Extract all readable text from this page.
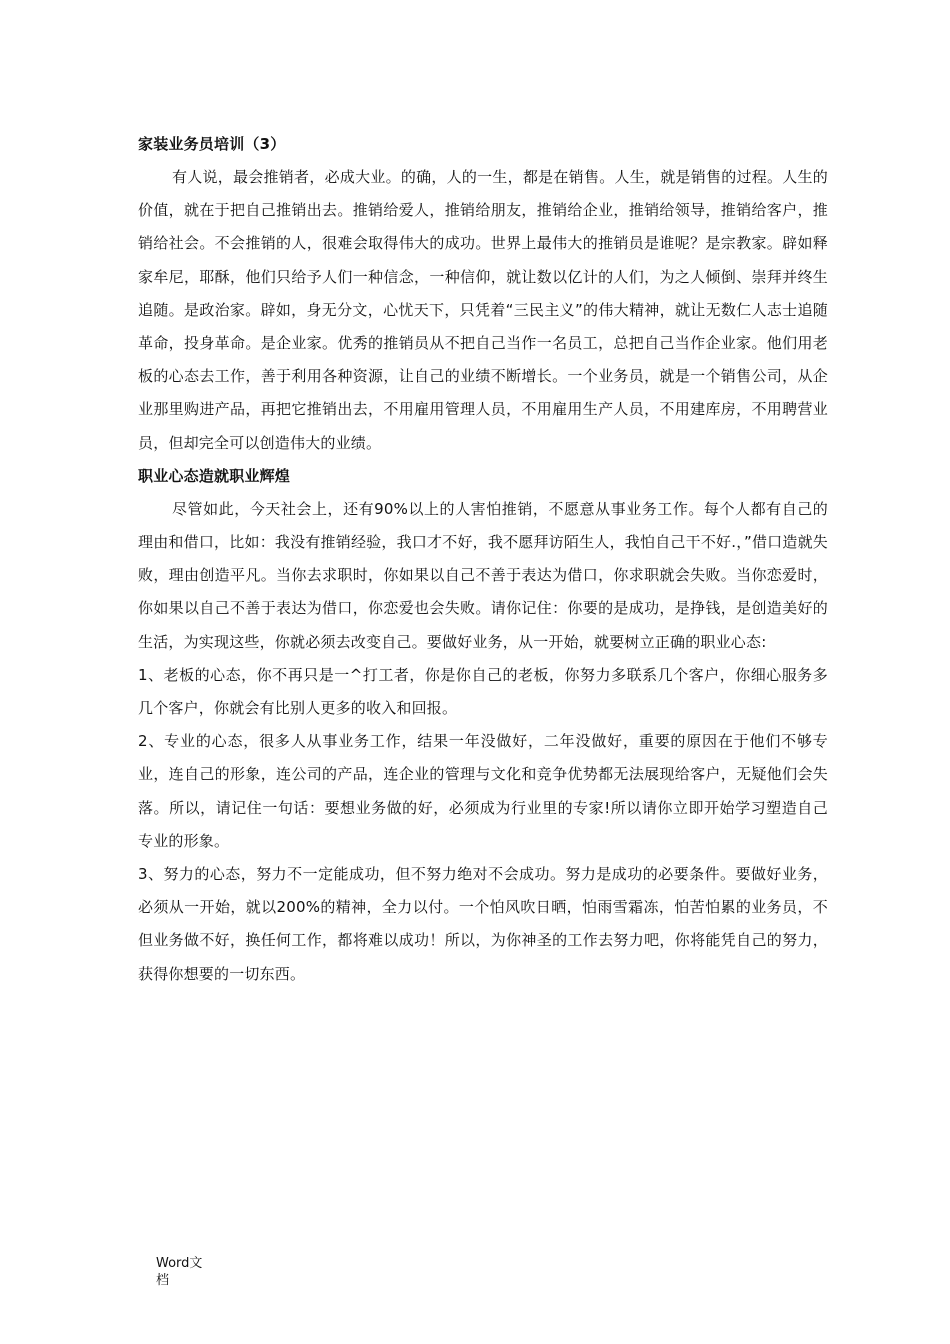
家装业务员培训（3）

有人说，最会推销者，必成大业。的确，人的一生，都是在销售。人生，就是销售的过程。人生的价值，就在于把自己推销出去。推销给爱人，推销给朋友，推销给企业，推销给领导，推销给客户，推销给社会。不会推销的人，很难会取得伟大的成功。世界上最伟大的推销员是谁呢？是宗教家。辟如释家牟尼，耶酥，他们只给予人们一种信念，一种信仰，就让数以亿计的人们，为之人倾倒、崇拜并终生追随。是政治家。辟如，身无分文，心忧天下，只凭着“三民主义”的伟大精神，就让无数仁人志士追随革命，投身革命。是企业家。优秀的推销员从不把自己当作一名员工，总把自己当作企业家。他们用老板的心态去工作，善于利用各种资源，让自己的业绩不断增长。一个业务员，就是一个销售公司，从企业那里购进产品，再把它推销出去，不用雇用管理人员，不用雇用生产人员，不用建库房，不用聘营业员，但却完全可以创造伟大的业绩。

职业心态造就职业辉煌

尽管如此，今天社会上，还有90%以上的人害怕推销，不愿意从事业务工作。每个人都有自己的理由和借口，比如：我没有推销经验，我口才不好，我不愿拜访陌生人，我怕自己干不好.，”借口造就失败，理由创造平凡。当你去求职时，你如果以自己不善于表达为借口，你求职就会失败。当你恋爱时，你如果以自己不善于表达为借口，你恋爱也会失败。请你记住：你要的是成功，是挣钱，是创造美好的生活，为实现这些，你就必须去改变自己。要做好业务，从一开始，就要树立正确的职业心态:

1、老板的心态，你不再只是一^打工者，你是你自己的老板，你努力多联系几个客户，你细心服务多几个客户，你就会有比别人更多的收入和回报。

2、专业的心态，很多人从事业务工作，结果一年没做好，二年没做好，重要的原因在于他们不够专业，连自己的形象，连公司的产品，连企业的管理与文化和竞争优势都无法展现给客户，无疑他们会失落。所以，请记住一句话：要想业务做的好，必须成为行业里的专家!所以请你立即开始学习塑造自己专业的形象。

3、努力的心态，努力不一定能成功，但不努力绝对不会成功。努力是成功的必要条件。要做好业务，必须从一开始，就以200%的精神，全力以付。一个怕风吹日晒，怕雨雪霜冻，怕苦怕累的业务员，不但业务做不好，换任何工作，都将难以成功！所以，为你神圣的工作去努力吧，你将能凭自己的努力，获得你想要的一切东西。

Word文档
